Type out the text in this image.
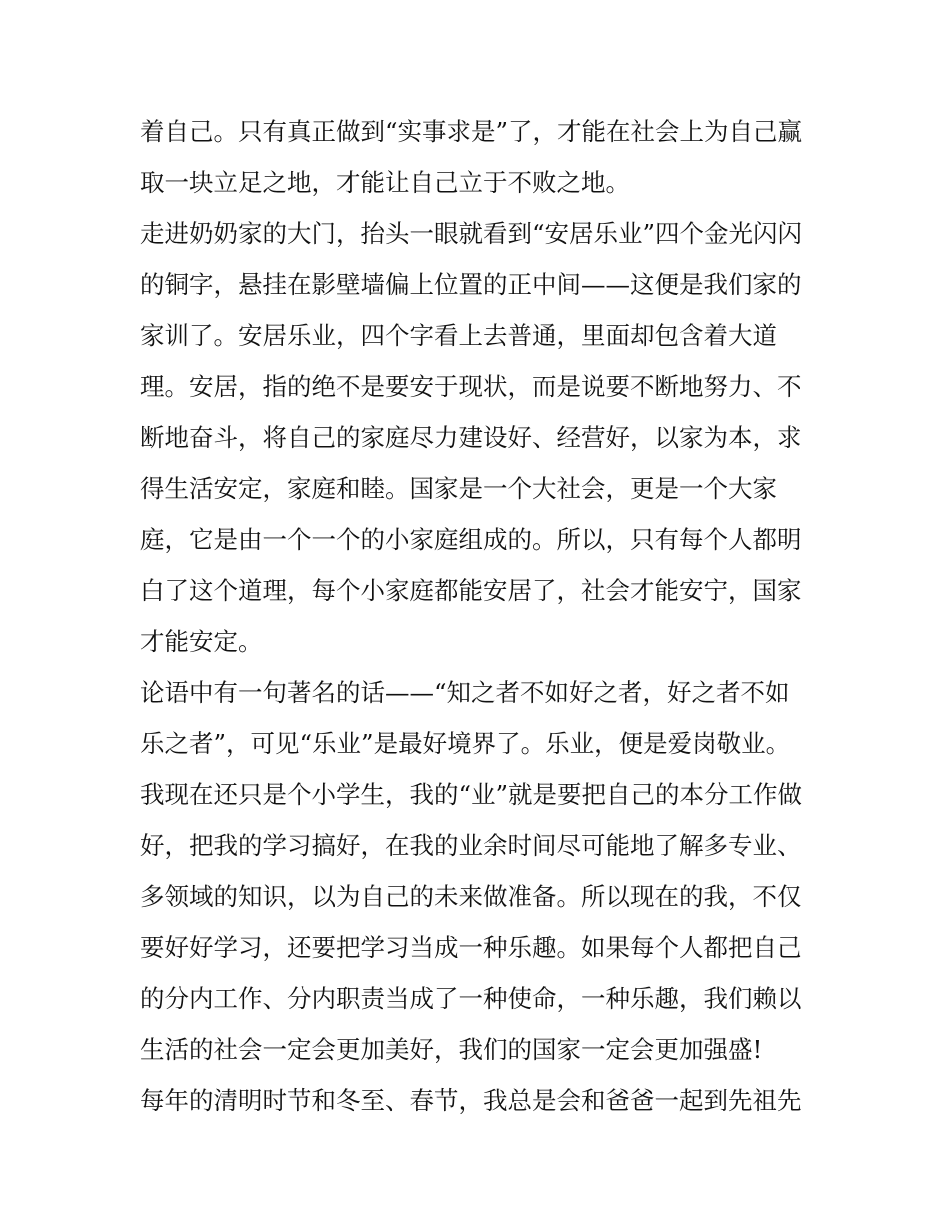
着自己。只有真正做到“实事求是”了，才能在社会上为自己赢
取一块立足之地，才能让自己立于不败之地。
走进奶奶家的大门，抬头一眼就看到“安居乐业”四个金光闪闪
的铜字，悬挂在影壁墙偏上位置的正中间——这便是我们家的
家训了。安居乐业，四个字看上去普通，里面却包含着大道
理。安居，指的绝不是要安于现状，而是说要不断地努力、不
断地奋斗，将自己的家庭尽力建设好、经营好，以家为本，求
得生活安定，家庭和睦。国家是一个大社会，更是一个大家
庭，它是由一个一个的小家庭组成的。所以，只有每个人都明
白了这个道理，每个小家庭都能安居了，社会才能安宁，国家
才能安定。
论语中有一句著名的话——“知之者不如好之者，好之者不如
乐之者”，可见“乐业”是最好境界了。乐业，便是爱岗敬业。
我现在还只是个小学生，我的“业”就是要把自己的本分工作做
好，把我的学习搞好，在我的业余时间尽可能地了解多专业、
多领域的知识，以为自己的未来做准备。所以现在的我，不仅
要好好学习，还要把学习当成一种乐趣。如果每个人都把自己
的分内工作、分内职责当成了一种使命，一种乐趣，我们赖以
生活的社会一定会更加美好，我们的国家一定会更加强盛!
每年的清明时节和冬至、春节，我总是会和爸爸一起到先祖先
